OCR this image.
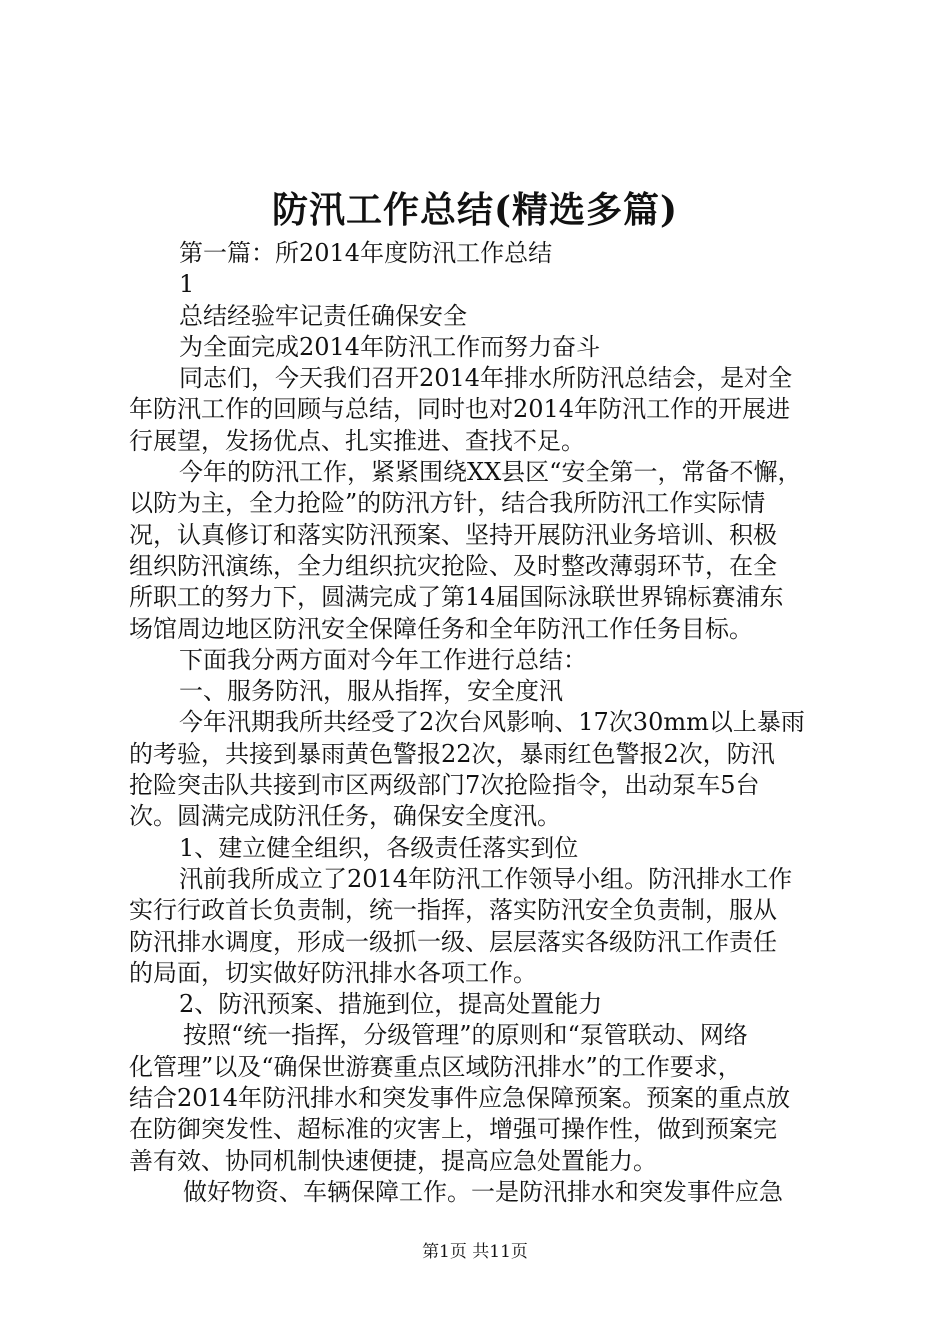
防汛工作总结(精选多篇)
第一篇：所2014年度防汛工作总结
1
总结经验牢记责任确保安全
为全面完成2014年防汛工作而努力奋斗
同志们，今天我们召开2014年排水所防汛总结会，是对全
年防汛工作的回顾与总结，同时也对2014年防汛工作的开展进
行展望，发扬优点、扎实推进、查找不足。
今年的防汛工作，紧紧围绕XX县区“安全第一，常备不懈，
以防为主，全力抢险”的防汛方针，结合我所防汛工作实际情
况，认真修订和落实防汛预案、坚持开展防汛业务培训、积极
组织防汛演练，全力组织抗灾抢险、及时整改薄弱环节，在全
所职工的努力下，圆满完成了第14届国际泳联世界锦标赛浦东
场馆周边地区防汛安全保障任务和全年防汛工作任务目标。
下面我分两方面对今年工作进行总结：
一、服务防汛，服从指挥，安全度汛
今年汛期我所共经受了2次台风影响、17次30mm以上暴雨
的考验，共接到暴雨黄色警报22次，暴雨红色警报2次，防汛
抢险突击队共接到市区两级部门7次抢险指令，出动泵车5台
次。圆满完成防汛任务，确保安全度汛。
1、建立健全组织，各级责任落实到位
汛前我所成立了2014年防汛工作领导小组。防汛排水工作
实行行政首长负责制，统一指挥，落实防汛安全负责制，服从
防汛排水调度，形成一级抓一级、层层落实各级防汛工作责任
的局面，切实做好防汛排水各项工作。
2、防汛预案、措施到位，提高处置能力
按照“统一指挥，分级管理”的原则和“泵管联动、网络
化管理”以及“确保世游赛重点区域防汛排水”的工作要求，
结合2014年防汛排水和突发事件应急保障预案。预案的重点放
在防御突发性、超标准的灾害上，增强可操作性，做到预案完
善有效、协同机制快速便捷，提高应急处置能力。
做好物资、车辆保障工作。一是防汛排水和突发事件应急
第1页 共11页
